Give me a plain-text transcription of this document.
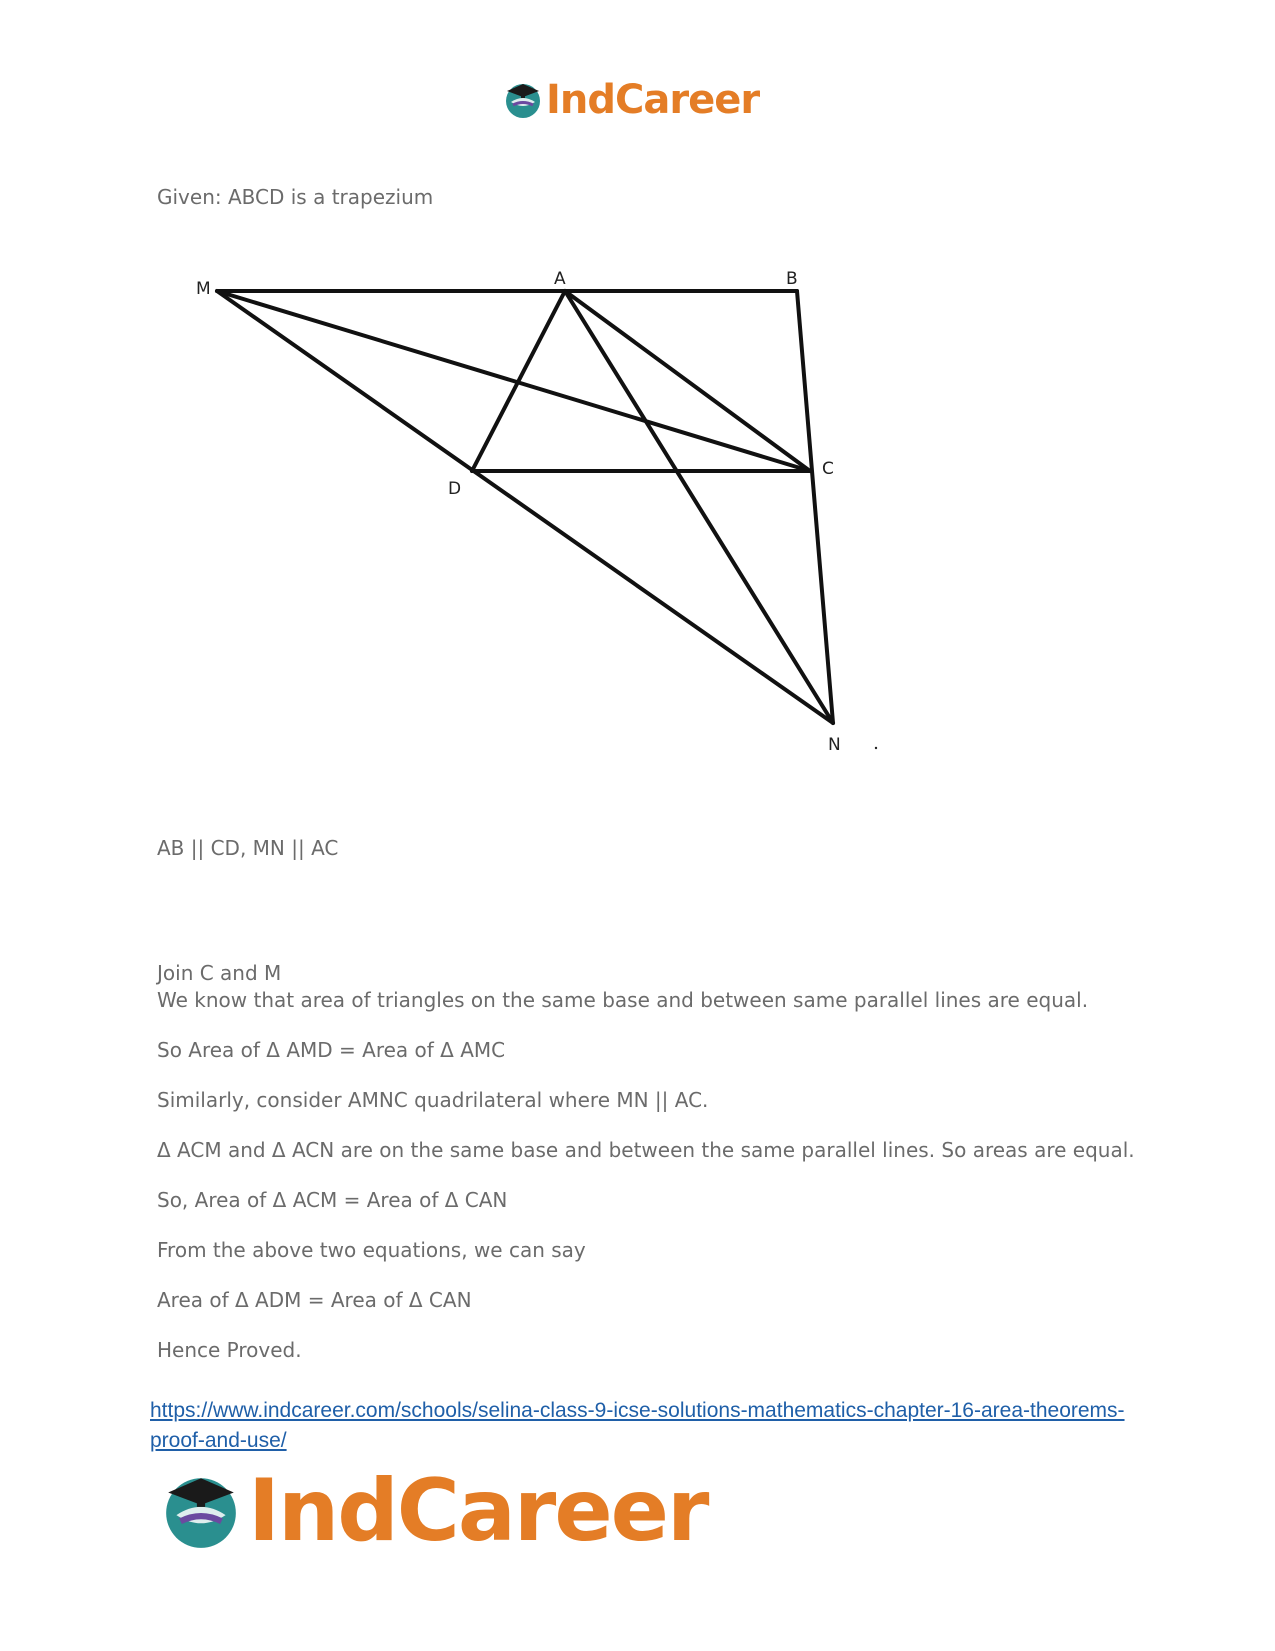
IndCareer
Given: ABCD is a trapezium
M	A	B
C
D
N
AB || CD, MN || AC
Join C and M
We know that area of triangles on the same base and between same parallel lines are equal.
So Area of Δ AMD = Area of Δ AMC
Similarly, consider AMNC quadrilateral where MN || AC.
Δ ACM and Δ ACN are on the same base and between the same parallel lines. So areas are equal.
So, Area of Δ ACM = Area of Δ CAN
From the above two equations, we can say
Area of Δ ADM = Area of Δ CAN
Hence Proved.
https://www.indcareer.com/schools/selina-class-9-icse-solutions-mathematics-chapter-16-area-theorems-proof-and-use/
IndCareer
